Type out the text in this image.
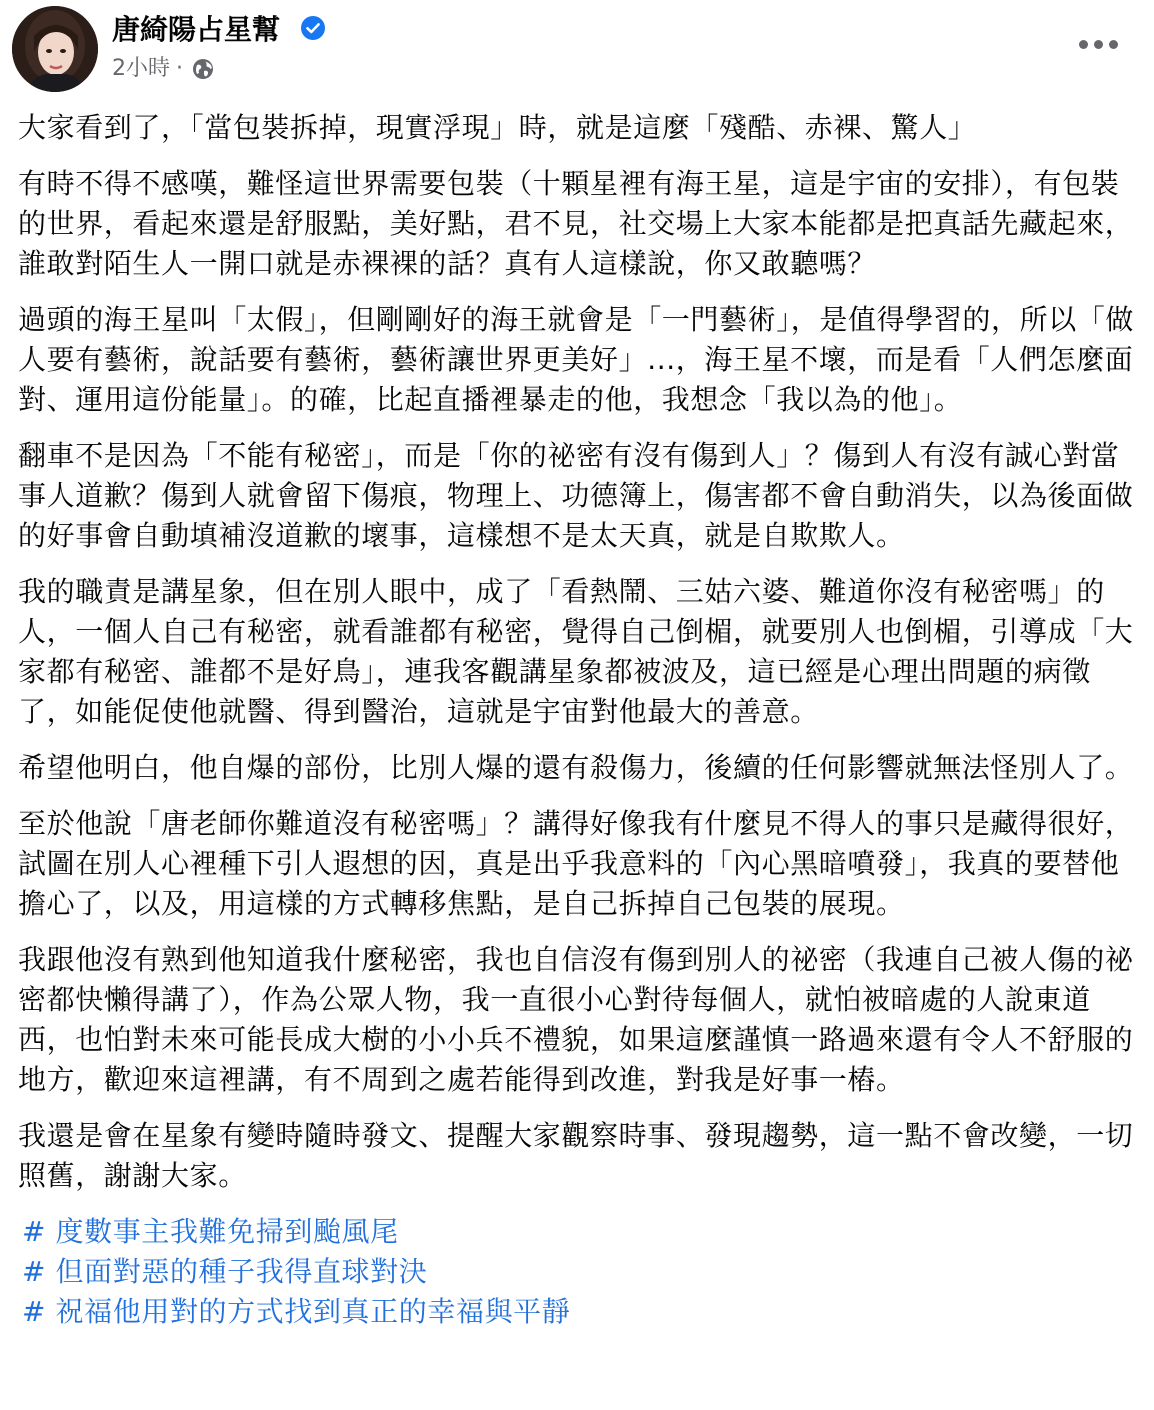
唐綺陽占星幫
2小時 ·

大家看到了，「當包裝拆掉，現實浮現」時，就是這麼「殘酷、赤裸、驚人」

有時不得不感嘆，難怪這世界需要包裝（十顆星裡有海王星，這是宇宙的安排），有包裝的世界，看起來還是舒服點，美好點，君不見，社交場上大家本能都是把真話先藏起來，誰敢對陌生人一開口就是赤裸裸的話？真有人這樣說，你又敢聽嗎？

過頭的海王星叫「太假」，但剛剛好的海王就會是「一門藝術」，是值得學習的，所以「做人要有藝術，說話要有藝術，藝術讓世界更美好」...，海王星不壞，而是看「人們怎麼面對、運用這份能量」。的確，比起直播裡暴走的他，我想念「我以為的他」。

翻車不是因為「不能有秘密」，而是「你的祕密有沒有傷到人」？傷到人有沒有誠心對當事人道歉？傷到人就會留下傷痕，物理上、功德簿上，傷害都不會自動消失，以為後面做的好事會自動填補沒道歉的壞事，這樣想不是太天真，就是自欺欺人。

我的職責是講星象，但在別人眼中，成了「看熱鬧、三姑六婆、難道你沒有秘密嗎」的人，一個人自己有秘密，就看誰都有秘密，覺得自己倒楣，就要別人也倒楣，引導成「大家都有秘密、誰都不是好鳥」，連我客觀講星象都被波及，這已經是心理出問題的病徵了，如能促使他就醫、得到醫治，這就是宇宙對他最大的善意。

希望他明白，他自爆的部份，比別人爆的還有殺傷力，後續的任何影響就無法怪別人了。

至於他說「唐老師你難道沒有秘密嗎」？講得好像我有什麼見不得人的事只是藏得很好，試圖在別人心裡種下引人遐想的因，真是出乎我意料的「內心黑暗噴發」，我真的要替他擔心了，以及，用這樣的方式轉移焦點，是自己拆掉自己包裝的展現。

我跟他沒有熟到他知道我什麼秘密，我也自信沒有傷到別人的祕密（我連自己被人傷的祕密都快懶得講了），作為公眾人物，我一直很小心對待每個人，就怕被暗處的人說東道西，也怕對未來可能長成大樹的小小兵不禮貌，如果這麼謹慎一路過來還有令人不舒服的地方，歡迎來這裡講，有不周到之處若能得到改進，對我是好事一樁。

我還是會在星象有變時隨時發文、提醒大家觀察時事、發現趨勢，這一點不會改變，一切照舊，謝謝大家。

# 度數事主我難免掃到颱風尾
# 但面對惡的種子我得直球對決
# 祝福他用對的方式找到真正的幸福與平靜
